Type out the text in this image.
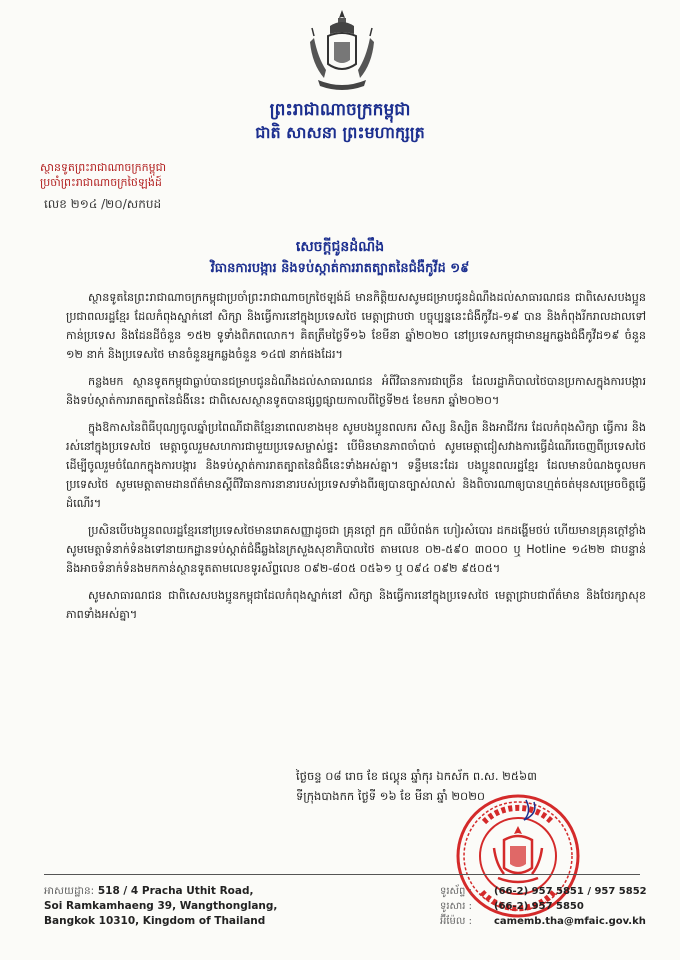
ព្រះរាជាណាចក្រកម្ពុជា
ជាតិ សាសនា ព្រះមហាក្សត្រ
ស្ថានទូតព្រះរាជាណាចក្រកម្ពុជា
ប្រចាំព្រះរាជាណាចក្រថៃឡង់ដ៍
លេខ ២១៤ /២០/សកបដ
សេចក្តីជូនដំណឹង
វិធានការបង្ការ និងទប់ស្កាត់ការរាតត្បាតនៃជំងឺកូវីដ ១៩

ស្ថានទូតនៃព្រះរាជាណាចក្រកម្ពុជាប្រចាំព្រះរាជាណាចក្រថៃឡង់ដ៍ មានកិត្តិយសសូមជម្រាបជូនដំណឹងដល់សាធារណជន ជាពិសេសបងប្អូនប្រជាពលរដ្ឋខ្មែរ ដែលកំពុងស្នាក់នៅ សិក្សា និងធ្វើការនៅក្នុងប្រទេសថៃ មេត្តាជ្រាបថា បច្ចុប្បន្ននេះជំងឺកូវីដ-១៩ បាន និងកំពុងរីករាលដាលទៅកាន់ប្រទេស និងដែនដីចំនួន ១៥២ ទូទាំងពិភពលោក។ គិតត្រឹមថ្ងៃទី១៦ ខែមីនា ឆ្នាំ២០២០ នៅប្រទេសកម្ពុជាមានអ្នកឆ្លងជំងឺកូវីដ១៩ ចំនួន ១២ នាក់ និងប្រទេសថៃ មានចំនួនអ្នកឆ្លងចំនួន ១៤៧ នាក់ផងដែរ។

កន្លងមក ស្ថានទូតកម្ពុជាធ្លាប់បានជម្រាបជូនដំណឹងដល់សាធារណជន អំពីវិធានការជាច្រើន ដែលរដ្ឋាភិបាលថៃបានប្រកាសក្នុងការបង្ការ និងទប់ស្កាត់ការរាតត្បាតនៃជំងឺនេះ ជាពិសេសស្ថានទូតបានផ្សព្វផ្សាយកាលពីថ្ងៃទី២៥ ខែមករា ឆ្នាំ២០២០។

ក្នុងឱកាសនៃពិធីបុណ្យចូលឆ្នាំប្រពៃណីជាតិខ្មែរនាពេលខាងមុខ សូមបងប្អូនពលករ សិស្ស និស្សិត និងអាជីវករ ដែលកំពុងសិក្សា ធ្វើការ និងរស់នៅក្នុងប្រទេសថៃ មេត្តាចូលរួមសហការជាមួយប្រទេសម្ចាស់ផ្ទះ បើមិនមានភាពចាំបាច់ សូមមេត្តាជៀសវាងការធ្វើដំណើរចេញពីប្រទេសថៃ ដើម្បីចូលរួមចំណែកក្នុងការបង្ការ និងទប់ស្កាត់ការរាតត្បាតនៃជំងឺនេះទាំងអស់គ្នា។ ទន្ទឹមនេះដែរ បងប្អូនពលរដ្ឋខ្មែរ ដែលមានបំណងចូលមកប្រទេសថៃ សូមមេត្តាតាមដានព័ត៌មានស្តីពីវិធានការនានារបស់ប្រទេសទាំងពីរឲ្យបានច្បាស់លាស់ និងពិចារណាឲ្យបានហ្មត់ចត់មុនសម្រេចចិត្តធ្វើដំណើរ។

ប្រសិនបើបងប្អូនពលរដ្ឋខ្មែរនៅប្រទេសថៃមានរោគសញ្ញាដូចជា គ្រុនក្តៅ ក្អក ឈឺបំពង់ក ហៀរសំបោរ ដកដង្ហើមថប់ ហើយមានគ្រុនក្តៅខ្លាំង សូមមេត្តាទំនាក់ទំនងទៅនាយកដ្ឋានទប់ស្កាត់ជំងឺឆ្លងនៃក្រសួងសុខាភិបាលថៃ តាមលេខ ០២-៥៩០ ៣០០០ ឬ Hotline ១៤២២ ជាបន្ទាន់ និងអាចទំនាក់ទំនងមកកាន់ស្ថានទូតតាមលេខទូរស័ព្ទលេខ ០៩២-៨០៥ ០៥៦១ ឬ ០៩៤ ០៩២ ៩៥០៥។

សូមសាធារណជន ជាពិសេសបងប្អូនកម្ពុជាដែលកំពុងស្នាក់នៅ សិក្សា និងធ្វើការនៅក្នុងប្រទេសថៃ មេត្តាជ្រាបជាព័ត៌មាន និងថែរក្សាសុខភាពទាំងអស់គ្នា។

ថ្ងៃចន្ទ ០៨ រោច ខែ ផល្គុន ឆ្នាំកុរ ឯកស័ក ព.ស. ២៥៦៣
ទីក្រុងបាងកក ថ្ងៃទី ១៦ ខែ មីនា ឆ្នាំ ២០២០
អាសយដ្ឋាន: 518 / 4 Pracha Uthit Road,
Soi Ramkamhaeng 39, Wangthonglang,
Bangkok 10310, Kingdom of Thailand
ទូរស័ព្ទ :	(66-2) 957 5851 / 957 5852
ទូរសារ :	(66-2) 957 5850
អ៊ីម៉ែល :	camemb.tha@mfaic.gov.kh
